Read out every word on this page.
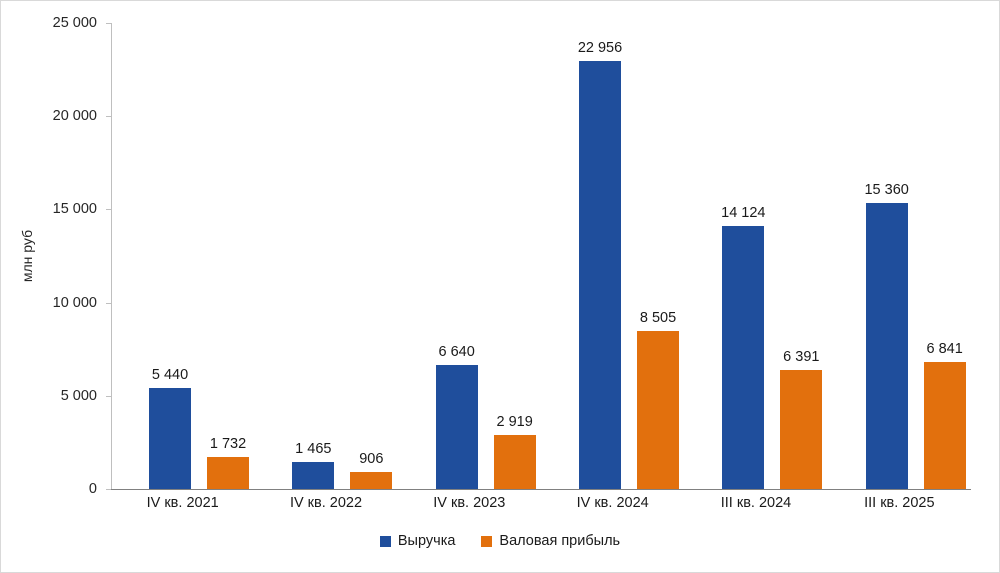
млн руб
0
5 000
10 000
15 000
20 000
25 000
5 440
1 732	1 465
906
6 640
2 919
22 956
8 505
14 124
6 391
15 360
6 841
IV кв. 2021	IV кв. 2022	IV кв. 2023	IV кв. 2024	III кв. 2024	III кв. 2025
Выручка	Валовая прибыль
